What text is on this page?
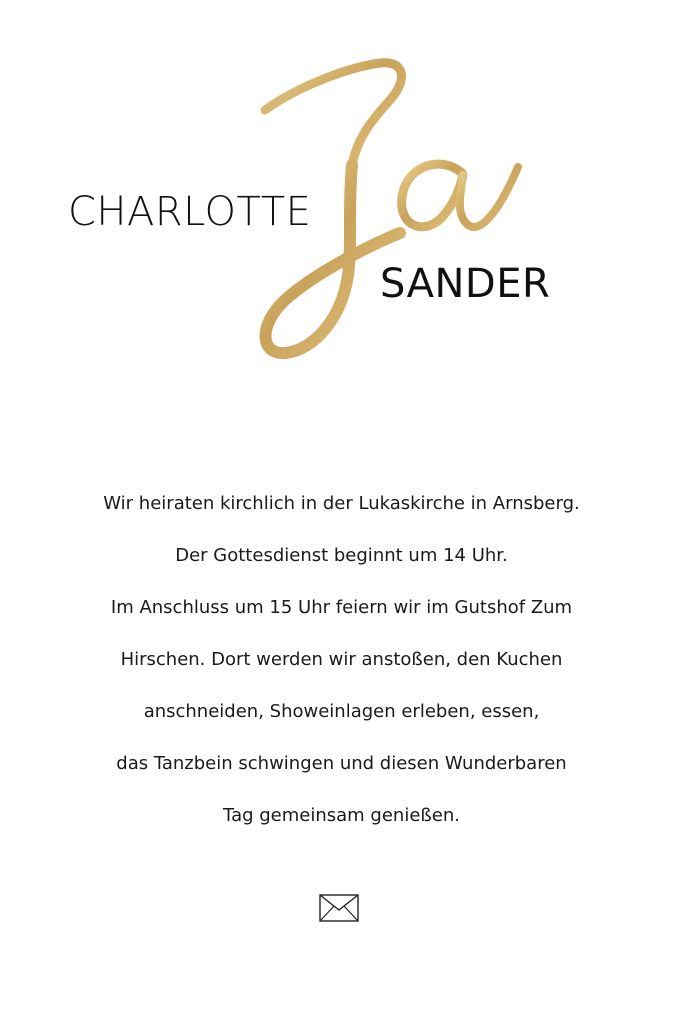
CHARLOTTE
SANDER
Wir heiraten kirchlich in der Lukaskirche in Arnsberg.
Der Gottesdienst beginnt um 14 Uhr.
Im Anschluss um 15 Uhr feiern wir im Gutshof Zum
Hirschen. Dort werden wir anstoßen, den Kuchen
anschneiden, Showeinlagen erleben, essen,
das Tanzbein schwingen und diesen Wunderbaren
Tag gemeinsam genießen.
